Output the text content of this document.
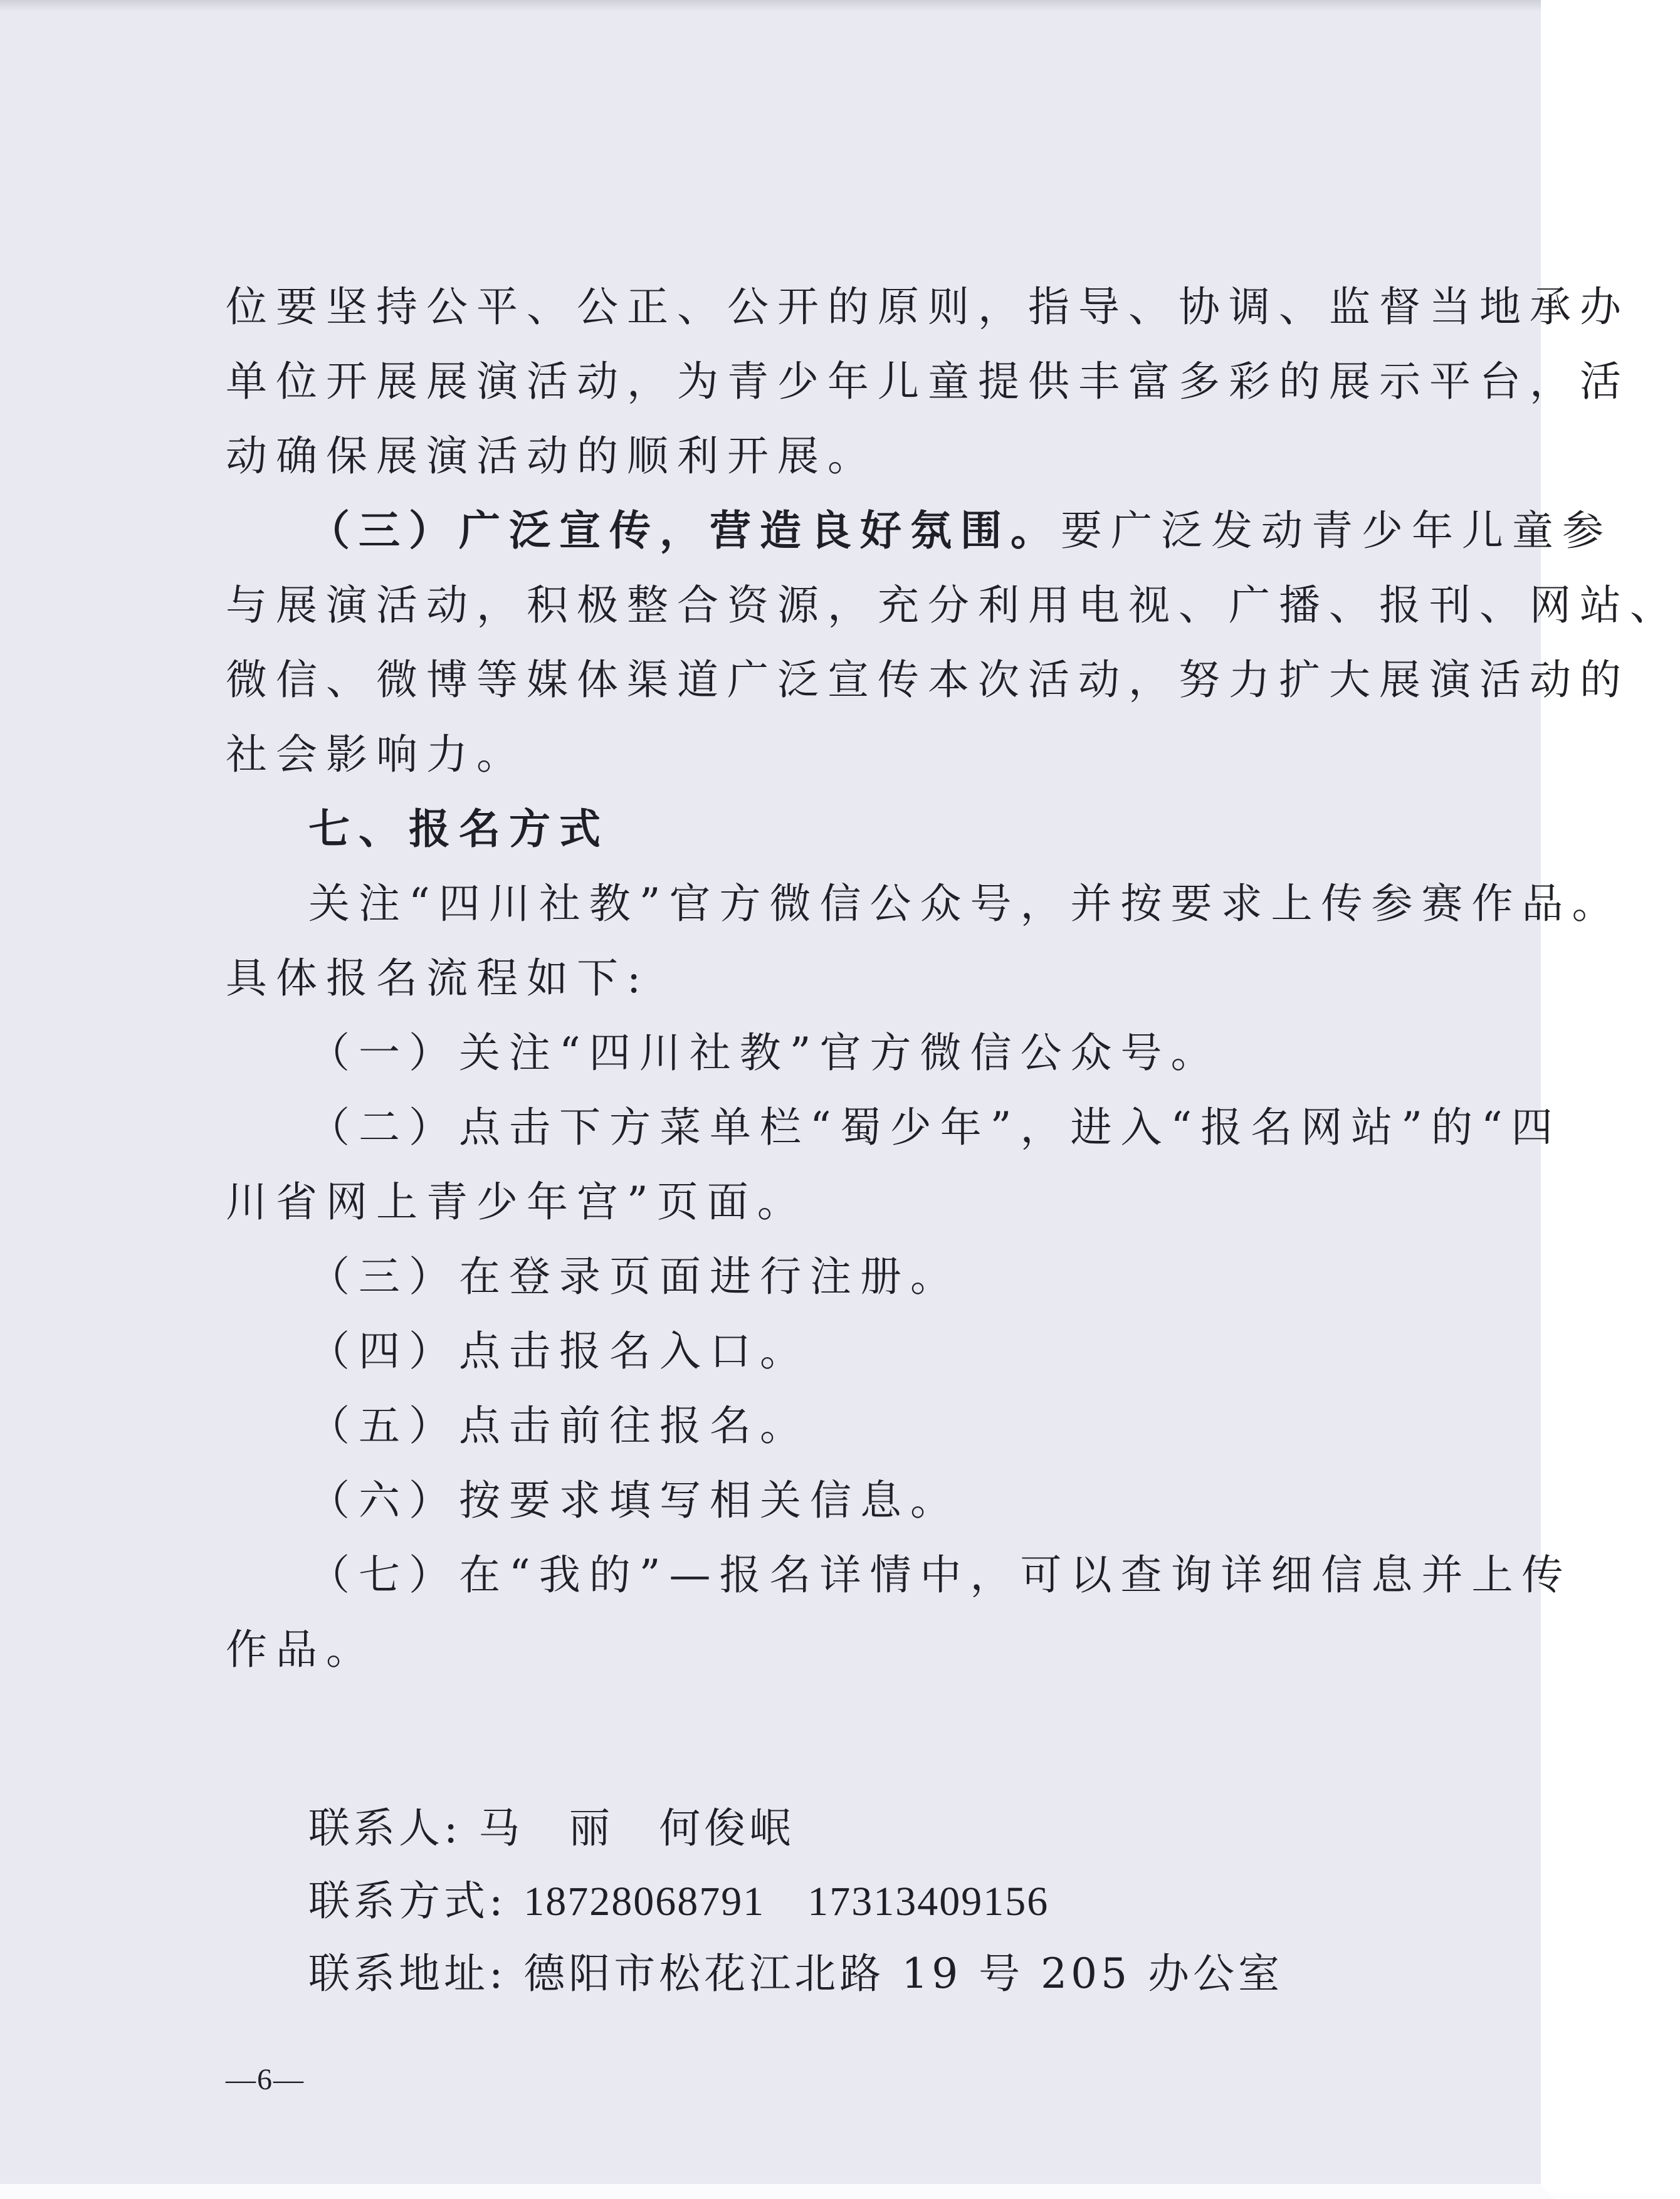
位要坚持公平、公正、公开的原则，指导、协调、监督当地承办
单位开展展演活动，为青少年儿童提供丰富多彩的展示平台，活
动确保展演活动的顺利开展。
（三）广泛宣传，营造良好氛围。要广泛发动青少年儿童参
与展演活动，积极整合资源，充分利用电视、广播、报刊、网站、
微信、微博等媒体渠道广泛宣传本次活动，努力扩大展演活动的
社会影响力。
七、报名方式
关注“四川社教”官方微信公众号，并按要求上传参赛作品。
具体报名流程如下:
（一）关注“四川社教”官方微信公众号。
（二）点击下方菜单栏“蜀少年”，进入“报名网站”的“四
川省网上青少年宫”页面。
（三）在登录页面进行注册。
（四）点击报名入口。
（五）点击前往报名。
（六）按要求填写相关信息。
（七）在“我的”—报名详情中，可以查询详细信息并上传
作品。
联系人: 马　丽　何俊岷
联系方式: 18728068791　17313409156
联系地址: 德阳市松花江北路 19 号 205 办公室
—6—
